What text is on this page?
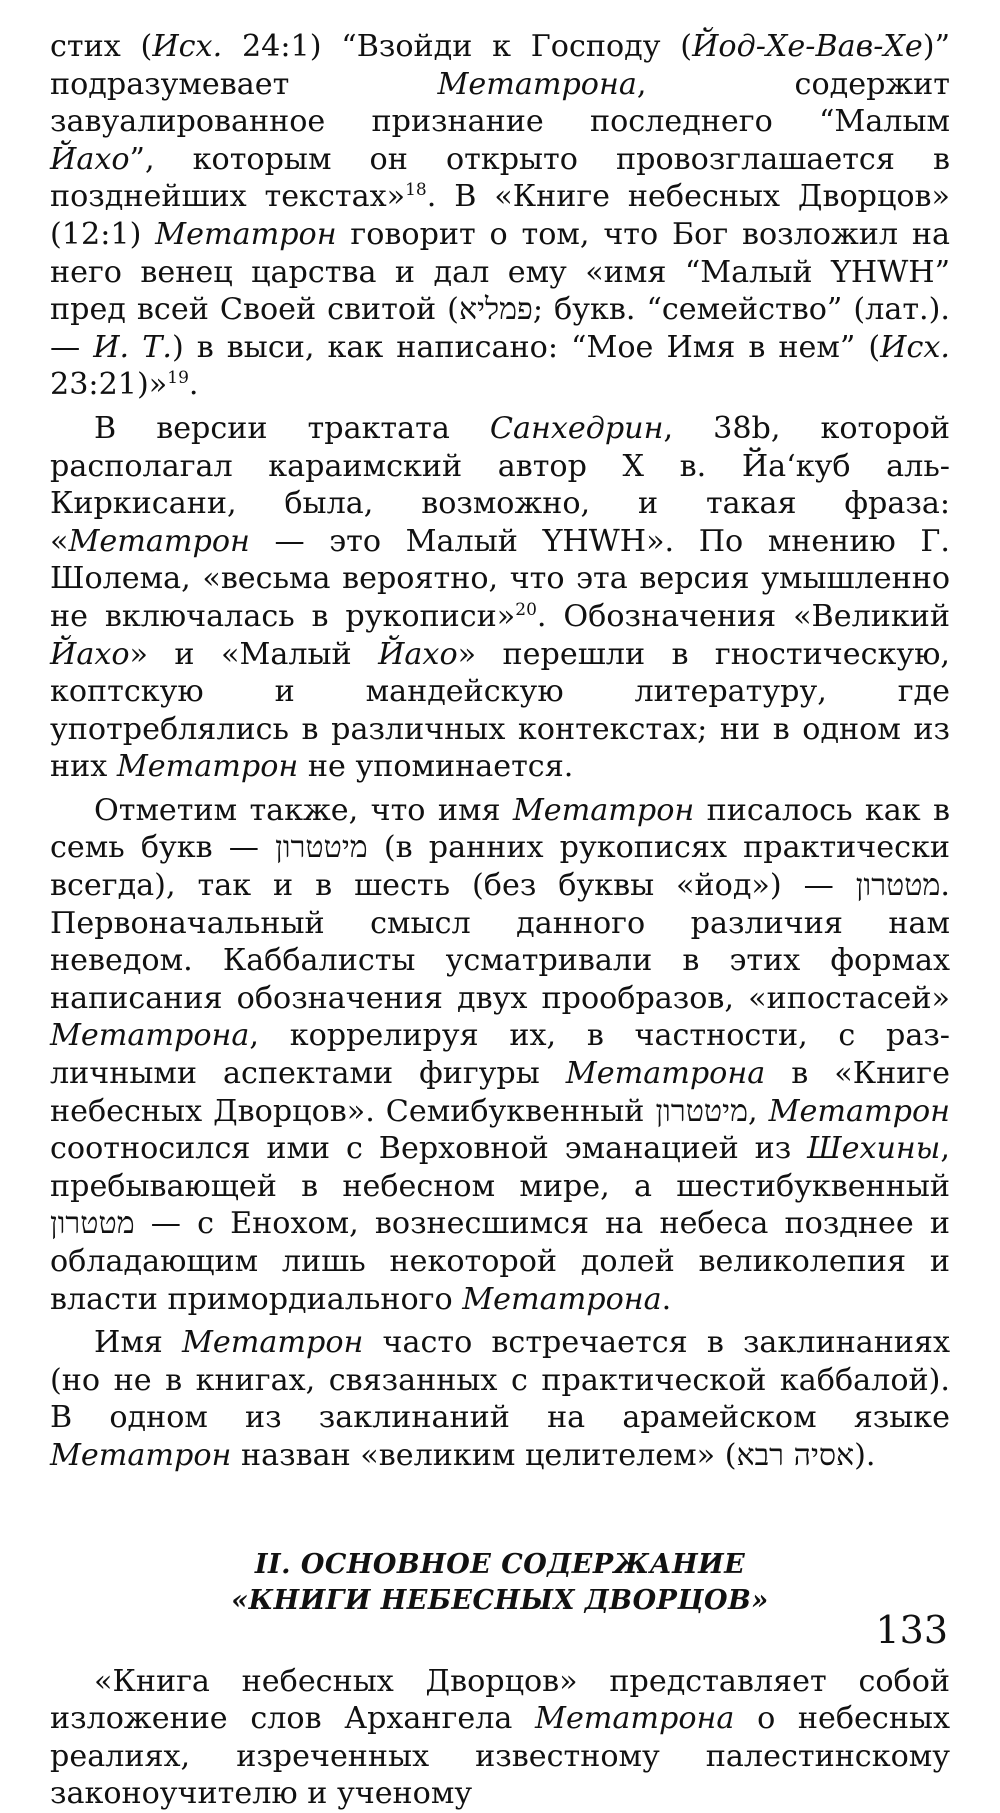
стих (Исх. 24:1) “Взойди к Господу (Йод-Хе-Вав-Хе)” подразумевает Метатрона, содержит завуалированное признание последнего “Малым Йахо”, которым он открыто провозглашается в позднейших текстах»$^{18}$. В «Книге небесных Дворцов» (12:1) Метатрон говорит о том, что Бог возложил на него венец царства и дал ему «имя “Малый YHWH” пред всей Своей свитой (פמליא; букв. “семейство” (лат.). — И. Т.) в выси, как написано: “Мое Имя в нем” (Исх. 23:21)»$^{19}$.

В версии трактата Санхедрин, 38b, которой располагал караимский автор X в. Йа‘куб аль-Киркисани, была, возможно, и такая фраза: «Метатрон — это Малый YHWH». По мнению Г. Шолема, «весьма вероятно, что эта версия умышленно не включалась в рукописи»$^{20}$. Обозначения «Великий Йахо» и «Малый Йахо» перешли в гностическую, коптскую и мандейскую литературу, где употреблялись в различных контекстах; ни в одном из них Метатрон не упоминается.

Отметим также, что имя Метатрон писалось как в семь букв — מיטטרון (в ранних рукописях практически всегда), так и в шесть (без буквы «йод») — מטטרון. Первоначальный смысл данного различия нам неведом. Каббалисты усматривали в этих формах написания обозначения двух прообразов, «ипостасей» Метатрона, коррелируя их, в частности, с различными аспектами фигуры Метатрона в «Книге небесных Дворцов». Семибуквенный מיטטרון, Метатрон соотносился ими с Верховной эманацией из Шехины, пребывающей в небесном мире, а шестибуквенный מטטרון — с Енохом, вознесшимся на небеса позднее и обладающим лишь некоторой долей великолепия и власти примордиального Метатрона.

Имя Метатрон часто встречается в заклинаниях (но не в книгах, связанных с практической каббалой). В одном из заклинаний на арамейском языке Метатрон назван «великим целителем» (אסיה רבא).

II. ОСНОВНОЕ СОДЕРЖАНИЕ
«КНИГИ НЕБЕСНЫХ ДВОРЦОВ»

«Книга небесных Дворцов» представляет собой изложение слов Архангела Метатрона о небесных реалиях, изреченных известному палестинскому законоучителю и ученому

133
